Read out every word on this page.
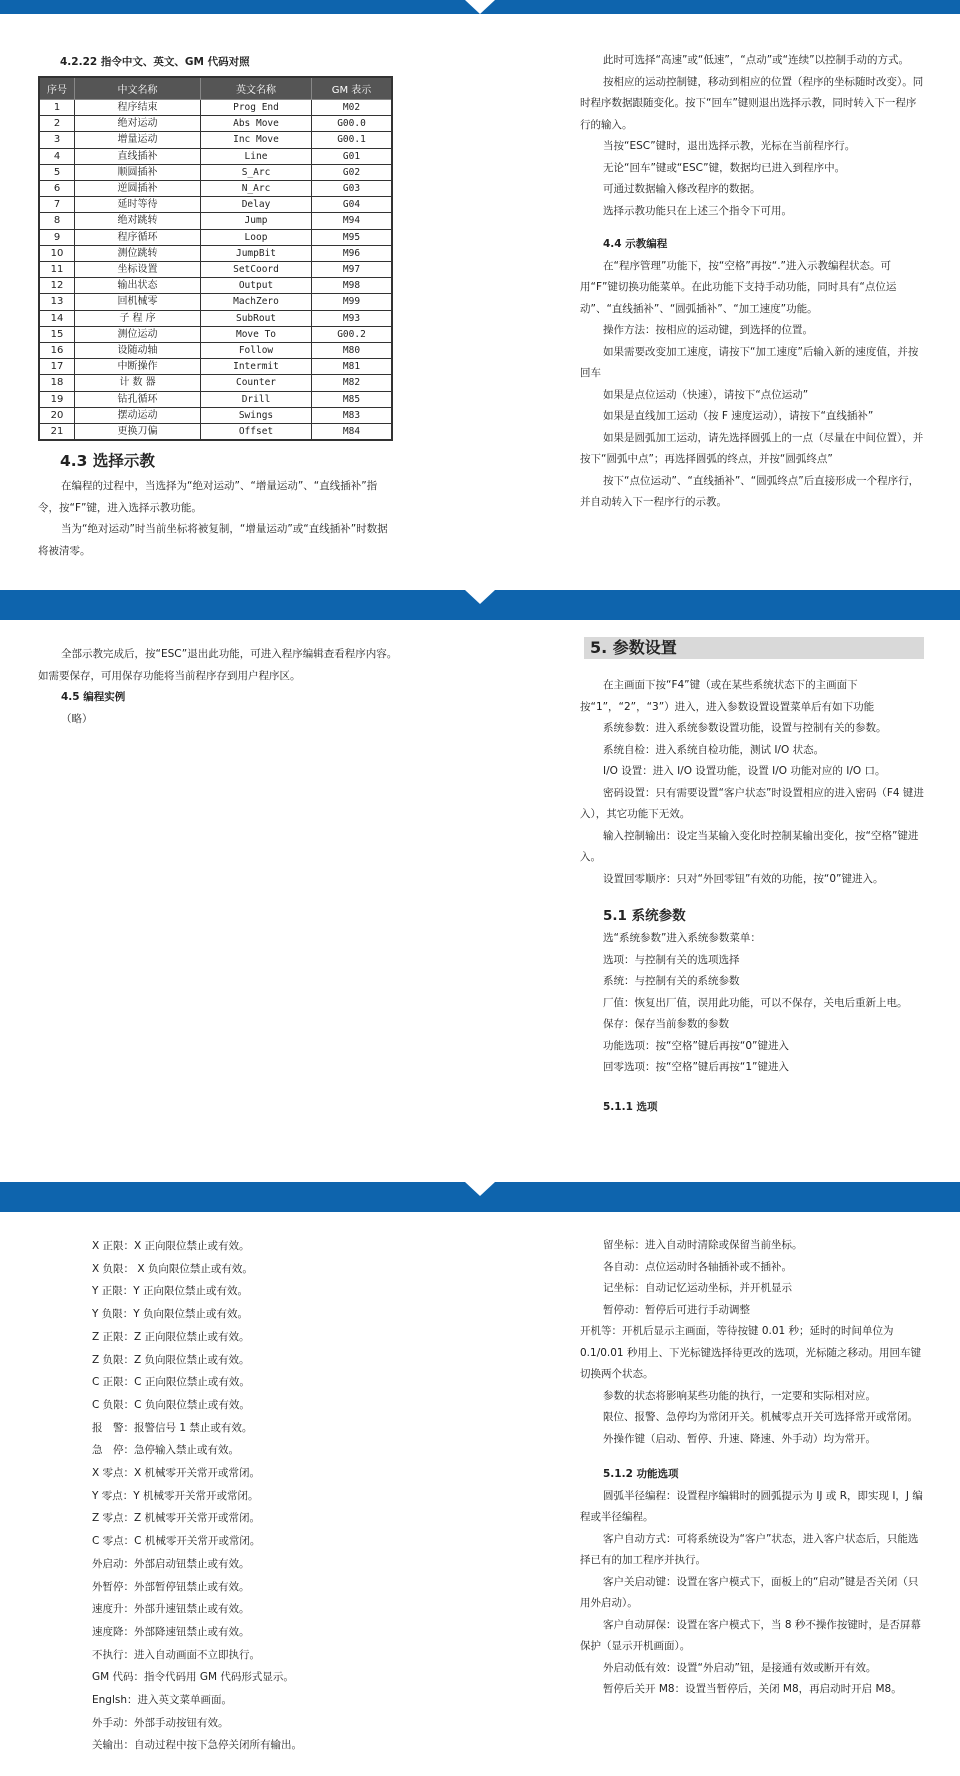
4.2.22 指令中文、英文、GM 代码对照
序号	中文名称	英文名称	GM 表示
1	程序结束	Prog End	M02
2	绝对运动	Abs Move	G00.0
3	增量运动	Inc Move	G00.1
4	直线插补	Line	G01
5	顺圆插补	S_Arc	G02
6	逆圆插补	N_Arc	G03
7	延时等待	Delay	G04
8	绝对跳转	Jump	M94
9	程序循环	Loop	M95
10	测位跳转	JumpBit	M96
11	坐标设置	SetCoord	M97
12	输出状态	Output	M98
13	回机械零	MachZero	M99
14	子 程 序	SubRout	M93
15	测位运动	Move To	G00.2
16	设随动轴	Follow	M80
17	中断操作	Intermit	M81
18	计 数 器	Counter	M82
19	钻孔循环	Drill	M85
20	摆动运动	Swings	M83
21	更换刀偏	Offset	M84
4.3 选择示教

在编程的过程中，当选择为“绝对运动”、“增量运动”、“直线插补”指令，按“F”键，进入选择示教功能。

当为“绝对运动”时当前坐标将被复制，“增量运动”或“直线插补”时数据将被清零。

此时可选择“高速”或“低速”，“点动”或“连续”以控制手动的方式。

按相应的运动控制键，移动到相应的位置（程序的坐标随时改变）。同时程序数据跟随变化。按下“回车”键则退出选择示教，同时转入下一程序行的输入。

当按“ESC”键时，退出选择示教，光标在当前程序行。

无论“回车”键或“ESC”键，数据均已进入到程序中。

可通过数据输入修改程序的数据。

选择示教功能只在上述三个指令下可用。

4.4 示教编程

在“程序管理”功能下，按“空格”再按“.”进入示教编程状态。可用“F”键切换功能菜单。在此功能下支持手动功能，同时具有“点位运动”、“直线插补”、“圆弧插补”、“加工速度”功能。

操作方法：按相应的运动键，到选择的位置。

如果需要改变加工速度，请按下“加工速度”后输入新的速度值，并按回车

如果是点位运动（快速），请按下“点位运动”

如果是直线加工运动（按 F 速度运动），请按下“直线插补”

如果是圆弧加工运动，请先选择圆弧上的一点（尽量在中间位置），并按下“圆弧中点”；再选择圆弧的终点，并按“圆弧终点”

按下“点位运动”、“直线插补”、“圆弧终点”后直接形成一个程序行，并自动转入下一程序行的示教。

全部示教完成后，按“ESC”退出此功能，可进入程序编辑查看程序内容。如需要保存，可用保存功能将当前程序存到用户程序区。

4.5 编程实例

（略）

5. 参数设置

在主画面下按“F4”键（或在某些系统状态下的主画面下按“1”，“2”，“3”）进入，进入参数设置设置菜单后有如下功能

系统参数：进入系统参数设置功能，设置与控制有关的参数。

系统自检：进入系统自检功能，测试 I/O 状态。

I/O 设置：进入 I/O 设置功能，设置 I/O 功能对应的 I/O 口。

密码设置：只有需要设置“客户状态”时设置相应的进入密码（F4 键进入），其它功能下无效。

输入控制输出：设定当某输入变化时控制某输出变化，按“空格”键进入。

设置回零顺序：只对“外回零钮”有效的功能，按“0”键进入。

5.1 系统参数

选“系统参数”进入系统参数菜单：

选项：与控制有关的选项选择

系统：与控制有关的系统参数

厂值：恢复出厂值，误用此功能，可以不保存，关电后重新上电。

保存：保存当前参数的参数

功能选项：按“空格”键后再按“0”键进入

回零选项：按“空格”键后再按“1”键进入

5.1.1 选项

X 正限：X 正向限位禁止或有效。

X 负限： X 负向限位禁止或有效。

Y 正限：Y 正向限位禁止或有效。

Y 负限：Y 负向限位禁止或有效。

Z 正限：Z 正向限位禁止或有效。

Z 负限：Z 负向限位禁止或有效。

C 正限：C 正向限位禁止或有效。

C 负限：C 负向限位禁止或有效。

报　警：报警信号 1 禁止或有效。

急　停：急停输入禁止或有效。

X 零点：X 机械零开关常开或常闭。

Y 零点：Y 机械零开关常开或常闭。

Z 零点：Z 机械零开关常开或常闭。

C 零点：C 机械零开关常开或常闭。

外启动：外部启动钮禁止或有效。

外暂停：外部暂停钮禁止或有效。

速度升：外部升速钮禁止或有效。

速度降：外部降速钮禁止或有效。

不执行：进入自动画面不立即执行。

GM 代码：指令代码用 GM 代码形式显示。

Englsh：进入英文菜单画面。

外手动：外部手动按钮有效。

关输出：自动过程中按下急停关闭所有输出。

留坐标：进入自动时清除或保留当前坐标。

各自动：点位运动时各轴插补或不插补。

记坐标：自动记忆运动坐标，并开机显示

暂停动：暂停后可进行手动调整

开机等：开机后显示主画面，等待按键 0.01 秒；延时的时间单位为 0.1/0.01 秒用上、下光标键选择待更改的选项，光标随之移动。用回车键切换两个状态。

参数的状态将影响某些功能的执行，一定要和实际相对应。

限位、报警、急停均为常闭开关。机械零点开关可选择常开或常闭。

外操作键（启动、暂停、升速、降速、外手动）均为常开。

5.1.2 功能选项

圆弧半径编程：设置程序编辑时的圆弧提示为 IJ 或 R，即实现 I，J 编程或半径编程。

客户自动方式：可将系统设为“客户”状态，进入客户状态后，只能选择已有的加工程序并执行。

客户关启动键：设置在客户模式下，面板上的“启动”键是否关闭（只用外启动）。

客户自动屏保：设置在客户模式下，当 8 秒不操作按键时，是否屏幕保护（显示开机画面）。

外启动低有效：设置“外启动”钮，是接通有效或断开有效。

暂停后关开 M8：设置当暂停后，关闭 M8，再启动时开启 M8。
